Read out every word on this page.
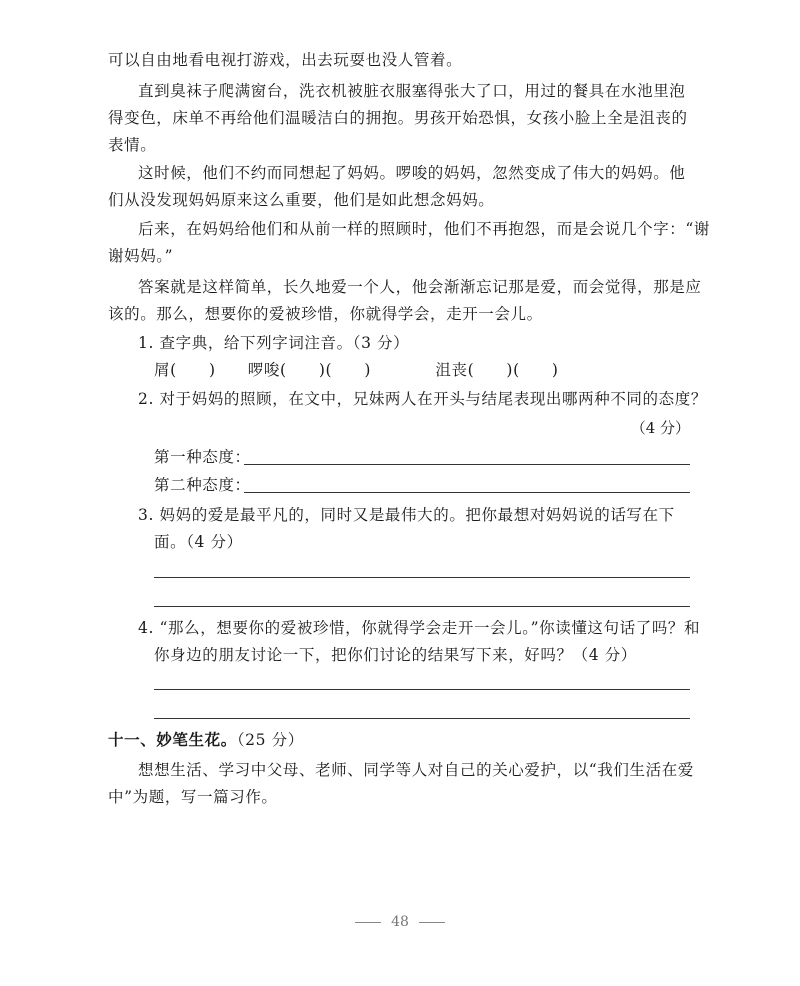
可以自由地看电视打游戏，出去玩耍也没人管着。
直到臭袜子爬满窗台，洗衣机被脏衣服塞得张大了口，用过的餐具在水池里泡
得变色，床单不再给他们温暖洁白的拥抱。男孩开始恐惧，女孩小脸上全是沮丧的
表情。
这时候，他们不约而同想起了妈妈。啰唆的妈妈，忽然变成了伟大的妈妈。他
们从没发现妈妈原来这么重要，他们是如此想念妈妈。
后来，在妈妈给他们和从前一样的照顾时，他们不再抱怨，而是会说几个字：“谢
谢妈妈。”
答案就是这样简单，长久地爱一个人，他会渐渐忘记那是爱，而会觉得，那是应
该的。那么，想要你的爱被珍惜，你就得学会，走开一会儿。
1. 查字典，给下列字词注音。（3 分）
屑(　　)　　啰唆(　　)(　　)　　　　沮丧(　　)(　　)
2. 对于妈妈的照顾，在文中，兄妹两人在开头与结尾表现出哪两种不同的态度？
（4 分）
第一种态度：
第二种态度：
3. 妈妈的爱是最平凡的，同时又是最伟大的。把你最想对妈妈说的话写在下
面。（4 分）
4. “那么，想要你的爱被珍惜，你就得学会走开一会儿。”你读懂这句话了吗？和
你身边的朋友讨论一下，把你们讨论的结果写下来，好吗？（4 分）
十一、妙笔生花。（25 分）
想想生活、学习中父母、老师、同学等人对自己的关心爱护，以“我们生活在爱
中”为题，写一篇习作。
48
